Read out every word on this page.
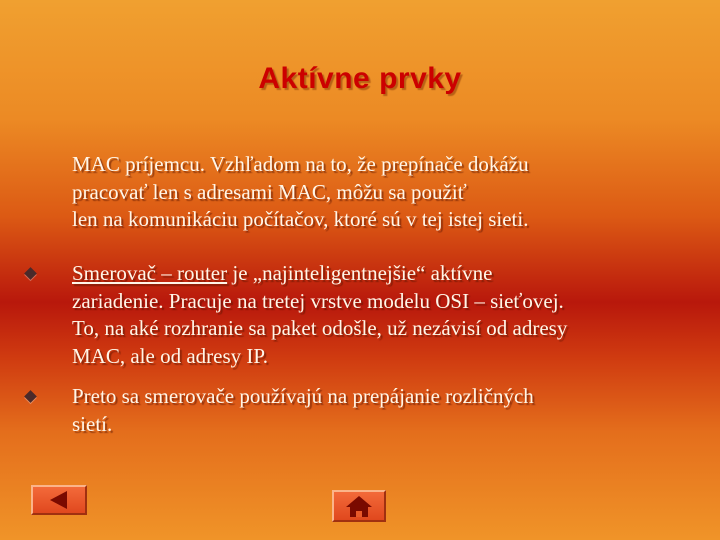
Aktívne prvky
MAC príjemcu. Vzhľadom na to, že prepínače dokážu
pracovať len s adresami MAC, môžu sa použiť
len na komunikáciu počítačov, ktoré sú v tej istej sieti.
Smerovač – router je „najinteligentnejšie“ aktívne
zariadenie. Pracuje na tretej vrstve modelu OSI – sieťovej.
To, na aké rozhranie sa paket odošle, už nezávisí od adresy
MAC, ale od adresy IP.
Preto sa smerovače používajú na prepájanie rozličných
sietí.
